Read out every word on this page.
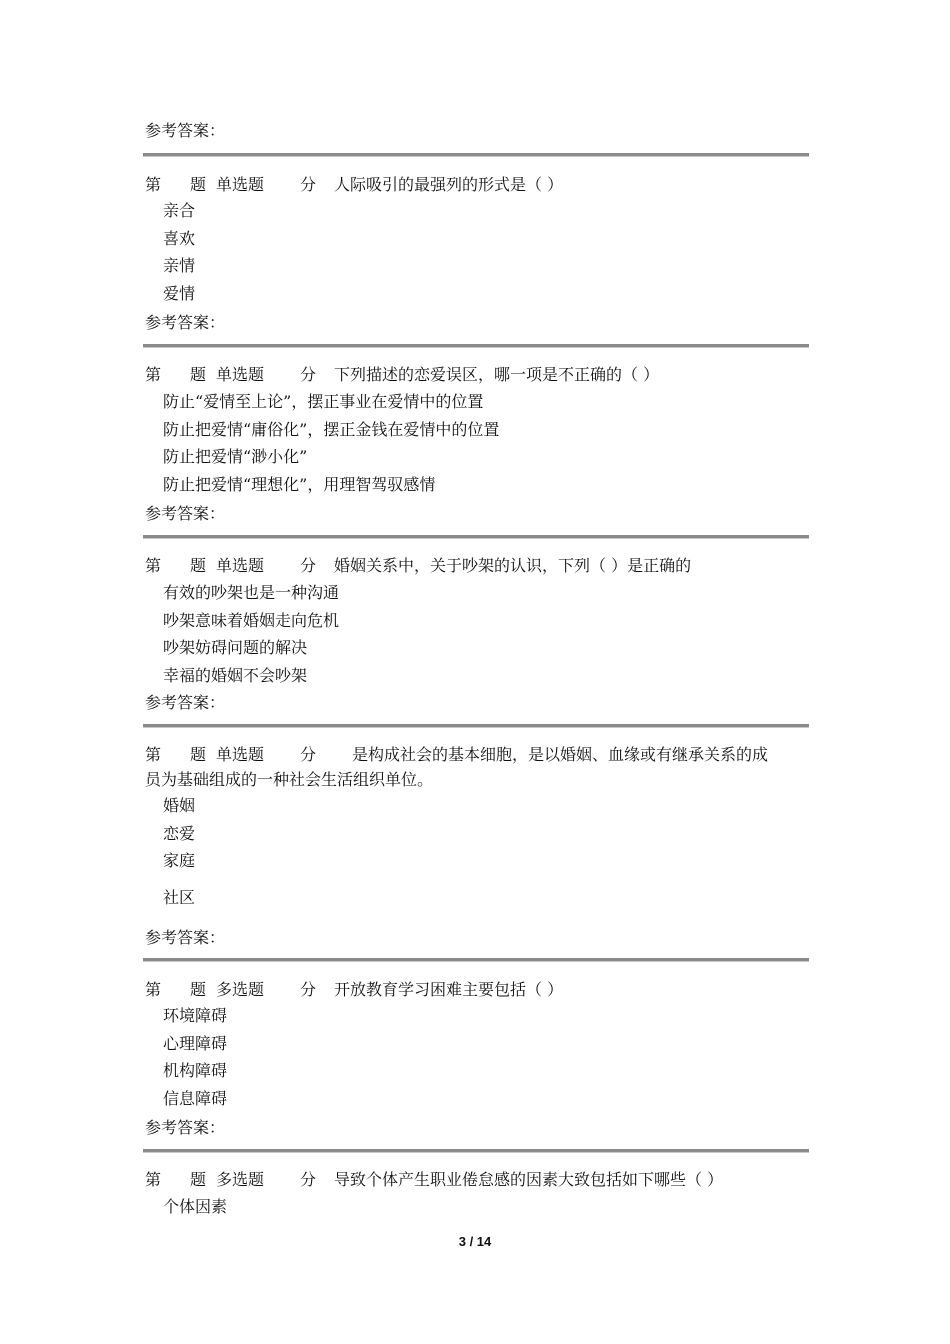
参考答案：
第 题 单选题 分 人际吸引的最强列的形式是（ ）
亲合
喜欢
亲情
爱情
参考答案：
第 题 单选题 分 下列描述的恋爱误区，哪一项是不正确的（ ）
防止“爱情至上论”，摆正事业在爱情中的位置
防止把爱情“庸俗化”，摆正金钱在爱情中的位置
防止把爱情“渺小化”
防止把爱情“理想化”，用理智驾驭感情
参考答案：
第 题 单选题 分 婚姻关系中，关于吵架的认识，下列（ ）是正确的
有效的吵架也是一种沟通
吵架意味着婚姻走向危机
吵架妨碍问题的解决
幸福的婚姻不会吵架
参考答案：
第 题 单选题 分 是构成社会的基本细胞，是以婚姻、血缘或有继承关系的成
员为基础组成的一种社会生活组织单位。
婚姻
恋爱
家庭
社区
参考答案：
第 题 多选题 分 开放教育学习困难主要包括（ ）
环境障碍
心理障碍
机构障碍
信息障碍
参考答案：
第 题 多选题 分 导致个体产生职业倦怠感的因素大致包括如下哪些（ ）
个体因素
3 / 14
